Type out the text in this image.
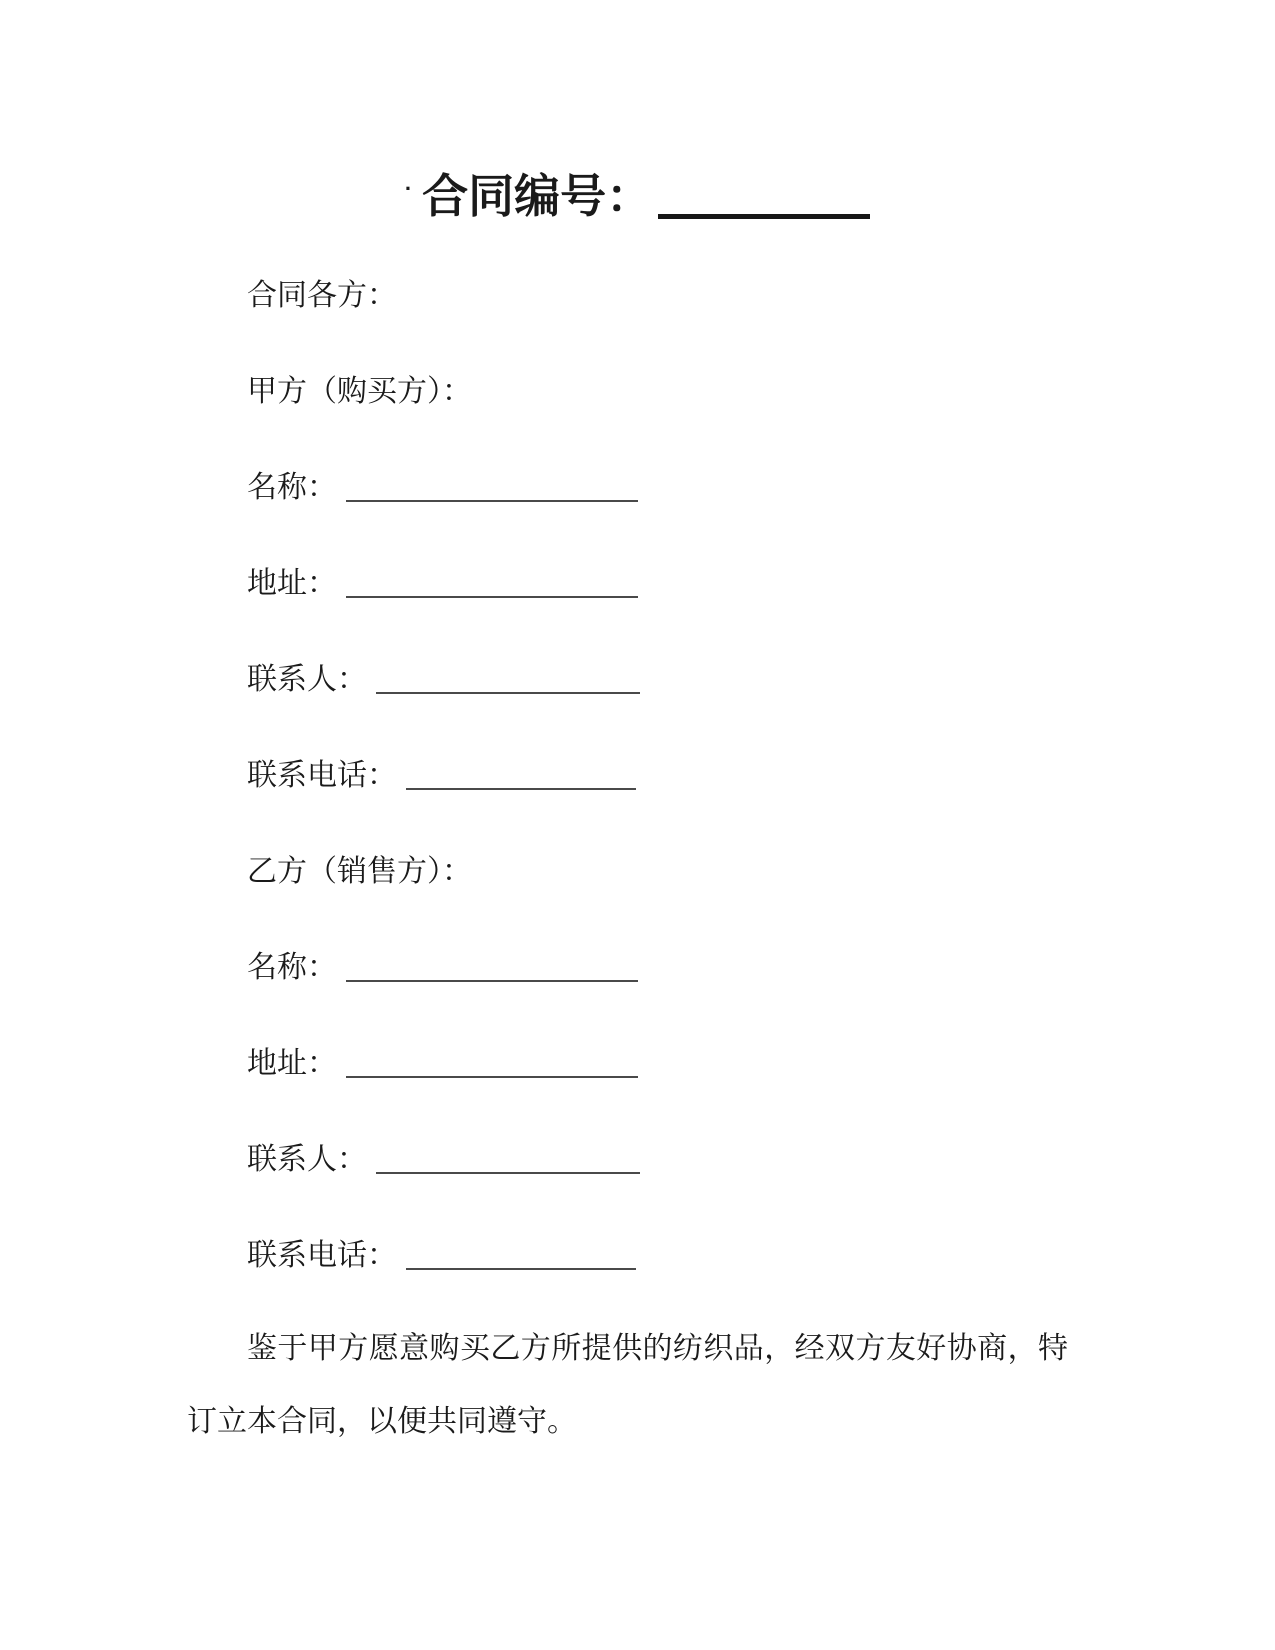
· 合同编号：
合同各方：
甲方（购买方）：
名称：
地址：
联系人：
联系电话：
乙方（销售方）：
名称：
地址：
联系人：
联系电话：

鉴于甲方愿意购买乙方所提供的纺织品，经双方友好协商，特订立本合同，以便共同遵守。
